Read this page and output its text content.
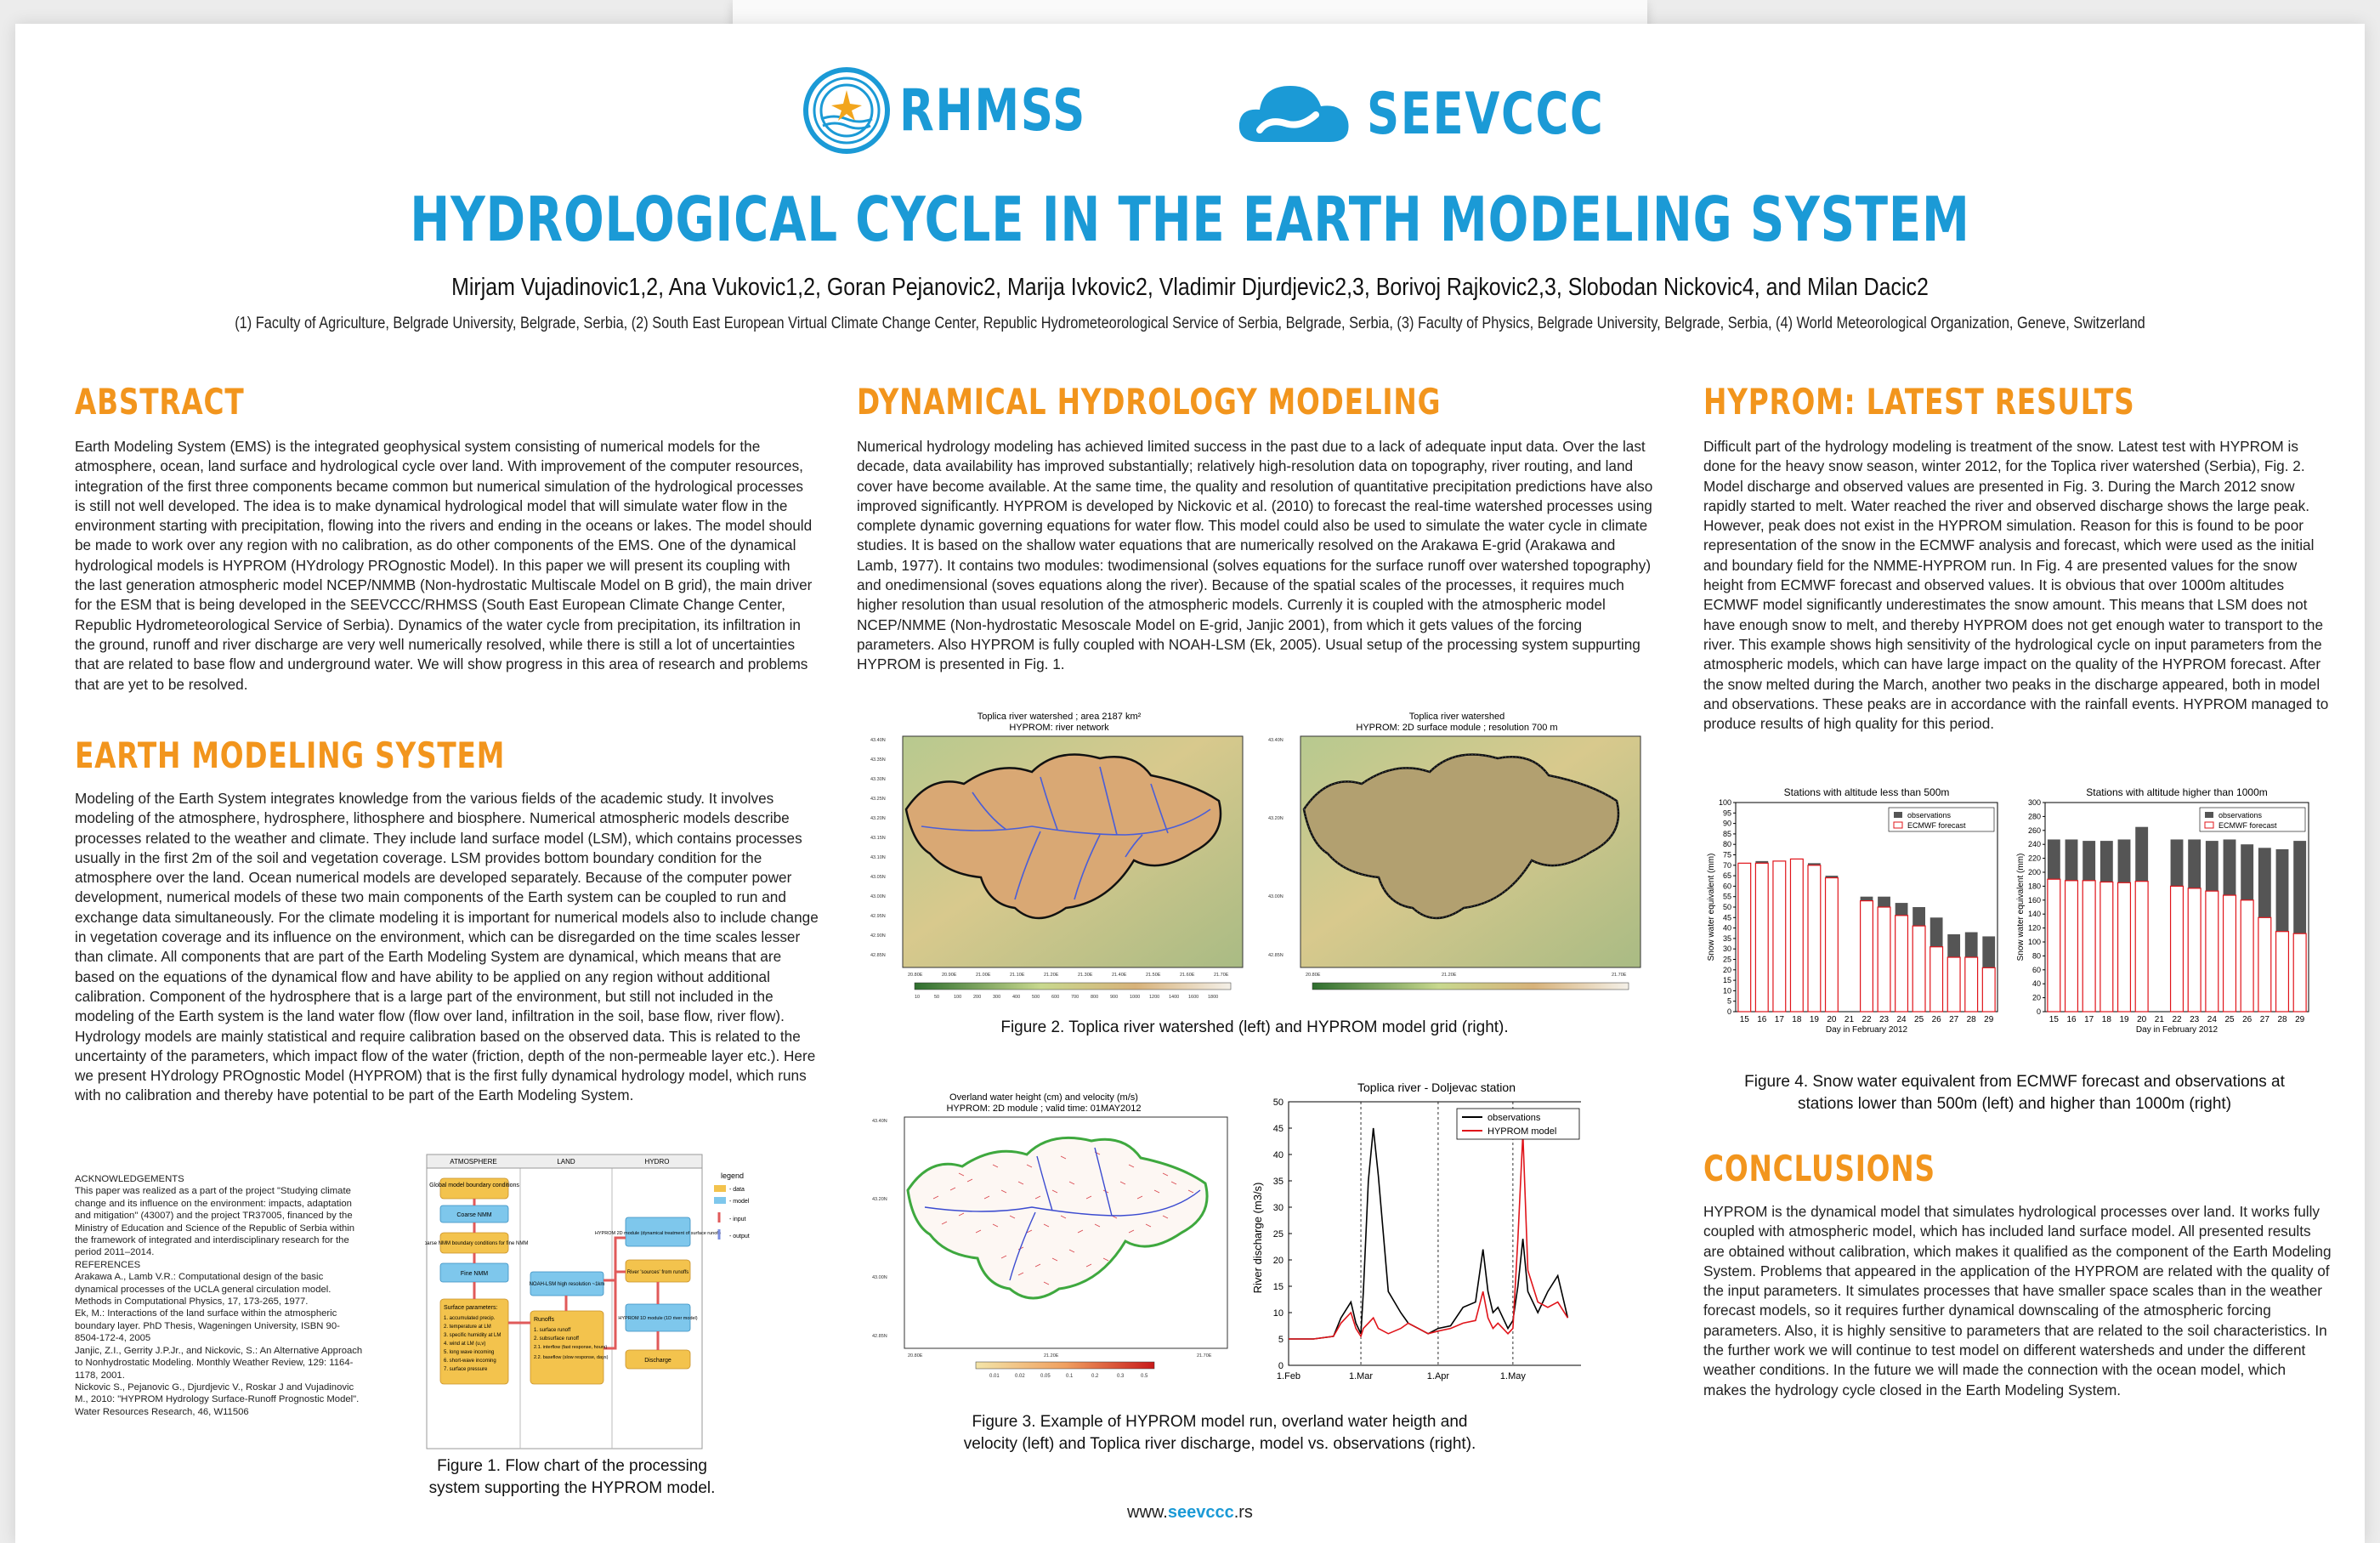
RHMSS	SEEVCCC
HYDROLOGICAL CYCLE IN THE EARTH MODELING SYSTEM
Mirjam Vujadinovic1,2, Ana Vukovic1,2, Goran Pejanovic2, Marija Ivkovic2, Vladimir Djurdjevic2,3, Borivoj Rajkovic2,3, Slobodan Nickovic4, and Milan Dacic2
(1) Faculty of Agriculture, Belgrade University, Belgrade, Serbia, (2) South East European Virtual Climate Change Center, Republic Hydrometeorological Service of Serbia, Belgrade, Serbia, (3) Faculty of Physics, Belgrade University, Belgrade, Serbia, (4) World Meteorological Organization, Geneve, Switzerland
ABSTRACT
Earth Modeling System (EMS) is the integrated geophysical system consisting of numerical models for the atmosphere, ocean, land surface and hydrological cycle over land. With improvement of the computer resources, integration of the first three components became common but numerical simulation of the hydrological processes is still not well developed. The idea is to make dynamical hydrological model that will simulate water flow in the environment starting with precipitation, flowing into the rivers and ending in the oceans or lakes. The model should be made to work over any region with no calibration, as do other components of the EMS. One of the dynamical hydrological models is HYPROM (HYdrology PROgnostic Model). In this paper we will present its coupling with the last generation atmospheric model NCEP/NMMB (Non-hydrostatic Multiscale Model on B grid), the main driver for the ESM that is being developed in the SEEVCCC/RHMSS (South East European Climate Change Center, Republic Hydrometeorological Service of Serbia). Dynamics of the water cycle from precipitation, its infiltration in the ground, runoff and river discharge are very well numerically resolved, while there is still a lot of uncertainties that are related to base flow and underground water. We will show progress in this area of research and problems that are yet to be resolved.
EARTH MODELING SYSTEM
Modeling of the Earth System integrates knowledge from the various fields of the academic study. It involves modeling of the atmosphere, hydrosphere, lithosphere and biosphere. Numerical atmospheric models describe processes related to the weather and climate. They include land surface model (LSM), which contains processes usually in the first 2m of the soil and vegetation coverage. LSM provides bottom boundary condition for the atmosphere over the land. Ocean numerical models are developed separately. Because of the computer power development, numerical models of these two main components of the Earth system can be coupled to run and exchange data simultaneously. For the climate modeling it is important for numerical models also to include change in vegetation coverage and its influence on the environment, which can be disregarded on the time scales lesser than climate. All components that are part of the Earth Modeling System are dynamical, which means that are based on the equations of the dynamical flow and have ability to be applied on any region without additional calibration. Component of the hydrosphere that is a large part of the environment, but still not included in the modeling of the Earth system is the land water flow (flow over land, infiltration in the soil, base flow, river flow). Hydrology models are mainly statistical and require calibration based on the observed data. This is related to the uncertainty of the parameters, which impact flow of the water (friction, depth of the non-permeable layer etc.). Here we present HYdrology PROgnostic Model (HYPROM) that is the first fully dynamical hydrology model, which runs with no calibration and thereby have potential to be part of the Earth Modeling System.
ACKNOWLEDGEMENTS
This paper was realized as a part of the project "Studying climate change and its influence on the environment: impacts, adaptation and mitigation" (43007) and the project TR37005, financed by the Ministry of Education and Science of the Republic of Serbia within the framework of integrated and interdisciplinary research for the period 2011–2014.
REFERENCES
Arakawa A., Lamb V.R.: Computational design of the basic dynamical processes of the UCLA general circulation model. Methods in Computational Physics, 17, 173-265, 1977.
Ek, M.: Interactions of the land surface within the atmospheric boundary layer. PhD Thesis, Wageningen University, ISBN 90-8504-172-4, 2005
Janjic, Z.I., Gerrity J.P.Jr., and Nickovic, S.: An Alternative Approach to Nonhydrostatic Modeling. Monthly Weather Review, 129: 1164-1178, 2001.
Nickovic S., Pejanovic G., Djurdjevic V., Roskar J and Vujadinovic M., 2010: "HYPROM Hydrology Surface-Runoff Prognostic Model". Water Resources Research, 46, W11506
ATMOSPHERE	LAND	HYDRO
Global model boundary conditions
Coarse NMM
Coarse NMM boundary conditions for fine NMM
Fine NMM
Surface parameters:
1. accumulated precip.
2. temperature at LM
3. specific humidity at LM
4. wind at LM (u,v)
5. long wave incoming
6. short-wave incoming
7. surface pressure
NOAH-LSM high resolution ~1km
Runoffs
1. surface runoff
2. subsurface runoff
2.1. interflow (fast response, hours)
2.2. baseflow (slow response, days)
HYPROM 2D module (dynamical treatment of surface runoff)
River 'sources' from runoffs
HYPROM 1D module (1D river model)
Discharge
legend
- data
- model
- input
- output
Figure 1. Flow chart of the processing system supporting the HYPROM model.
DYNAMICAL HYDROLOGY MODELING
Numerical hydrology modeling has achieved limited success in the past due to a lack of adequate input data. Over the last decade, data availability has improved substantially; relatively high-resolution data on topography, river routing, and land cover have become available. At the same time, the quality and resolution of quantitative precipitation predictions have also improved significantly. HYPROM is developed by Nickovic et al. (2010) to forecast the real-time watershed processes using complete dynamic governing equations for water flow. This model could also be used to simulate the water cycle in climate studies. It is based on the shallow water equations that are numerically resolved on the Arakawa E-grid (Arakawa and Lamb, 1977). It contains two modules: twodimensional (solves equations for the surface runoff over watershed topography) and onedimensional (soves equations along the river). Because of the spatial scales of the processes, it requires much higher resolution than usual resolution of the atmospheric models. Currenly it is coupled with the atmospheric model NCEP/NMME (Non-hydrostatic Mesoscale Model on E-grid, Janjic 2001), from which it gets values of the forcing parameters. Also HYPROM is fully coupled with NOAH-LSM (Ek, 2005). Usual setup of the processing system suppurting HYPROM is presented in Fig. 1.
Toplica river watershed ; area 2187 km²
HYPROM: river network
43.40N
43.35N
43.30N
43.25N
43.20N
43.15N
43.10N
43.05N
43.00N
42.95N
42.90N
42.85N
20.80E	20.90E	21.00E	21.10E	21.20E	21.30E	21.40E	21.50E	21.60E	21.70E
10	50	100	200	300	400	500	600	700	800	900	1000 1200 1400 1600 1800
Toplica river watershed
HYPROM: 2D surface module ; resolution 700 m
43.40N
43.20N
43.00N
42.85N
20.80E	21.20E	21.70E
Figure 2. Toplica river watershed (left) and HYPROM model grid (right).
Overland water height (cm) and velocity (m/s)
HYPROM: 2D module ; valid time: 01MAY2012
43.40N
43.20N
43.00N
42.85N
20.80E	21.20E	21.70E
0.01	0.02	0.05	0.1	0.2	0.3	0.5
Toplica river - Doljevac station
River discharge (m3/s)
0
5
10
15
20
25
30
35
40
45
50
1.Feb	1.Mar	1.Apr	1.May
observations
HYPROM model
Figure 3. Example of HYPROM model run, overland water heigth and velocity (left) and Toplica river discharge, model vs. observations (right).
HYPROM: LATEST RESULTS
Difficult part of the hydrology modeling is treatment of the snow. Latest test with HYPROM is done for the heavy snow season, winter 2012, for the Toplica river watershed (Serbia), Fig. 2. Model discharge and observed values are presented in Fig. 3. During the March 2012 snow rapidly started to melt. Water reached the river and observed discharge shows the large peak. However, peak does not exist in the HYPROM simulation. Reason for this is found to be poor representation of the snow in the ECMWF analysis and forecast, which were used as the initial and boundary field for the NMME-HYPROM run. In Fig. 4 are presented values for the snow height from ECMWF forecast and observed values. It is obvious that over 1000m altitudes ECMWF model significantly underestimates the snow amount. This means that LSM does not have enough snow to melt, and thereby HYPROM does not get enough water to transport to the river. This example shows high sensitivity of the hydrological cycle on input parameters from the atmospheric models, which can have large impact on the quality of the HYPROM forecast. After the snow melted during the March, another two peaks in the discharge appeared, both in model and observations. These peaks are in accordance with the rainfall events. HYPROM managed to produce results of high quality for this period.
Stations with altitude less than 500m
0
5
10
15
20
25
30
35
40
45
50
55
60
65
70
75
80
85
90
95
100
Snow water equivalent (mm)
15 16 17 18 19 20 21 22 23 24 25 26 27 28 29
Day in February 2012
observations
ECMWF forecast
Stations with altitude higher than 1000m
0
20
40
60
80
100
120
140
160
180
200
220
240
260
280
300
Snow water equivalent (mm)
15 16 17 18 19 20 21 22 23 24 25 26 27 28 29
Day in February 2012
observations
ECMWF forecast
Figure 4. Snow water equivalent from ECMWF forecast and observations at stations lower than 500m (left) and higher than 1000m (right)
CONCLUSIONS
HYPROM is the dynamical model that simulates hydrological processes over land. It works fully coupled with atmospheric model, which has included land surface model. All presented results are obtained without calibration, which makes it qualified as the component of the Earth Modeling System. Problems that appeared in the application of the HYPROM are related with the quality of the input parameters. It simulates processes that have smaller space scales than in the weather forecast models, so it requires further dynamical downscaling of the atmospheric forcing parameters. Also, it is highly sensitive to parameters that are related to the soil characteristics. In the further work we will continue to test model on different watersheds and under the different weather conditions. In the future we will made the connection with the ocean model, which makes the hydrology cycle closed in the Earth Modeling System.
www.seevccc.rs
